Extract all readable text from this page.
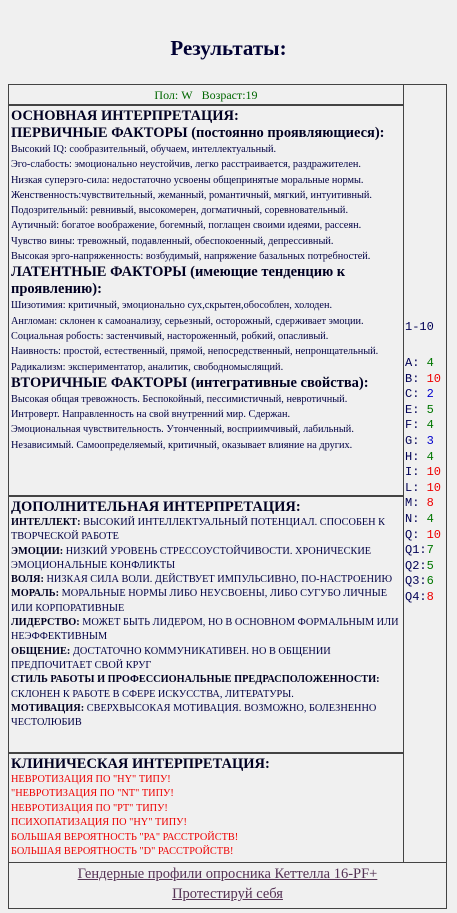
Результаты:
Пол: W Возраст:19
ОСНОВНАЯ ИНТЕРПРЕТАЦИЯ:
ПЕРВИЧНЫЕ ФАКТОРЫ (постоянно проявляющиеся):
Высокий IQ: сообразительный, обучаем, интеллектуальный.
Эго-слабость: эмоционально неустойчив, легко расстраивается, раздражителен.
Низкая суперэго-сила: недостаточно усвоены общепринятые моральные нормы.
Женственность:чувствительный, жеманный, романтичный, мягкий, интуитивный.
Подозрительный: ревнивый, высокомерен, догматичный, соревновательный.
Аутичный: богатое воображение, богемный, поглащен своими идеями, рассеян.
Чувство вины: тревожный, подавленный, обеспокоенный, депрессивный.
Высокая эрго-напряженность: возбудимый, напряжение базальных потребностей.
ЛАТЕНТНЫЕ ФАКТОРЫ (имеющие тенденцию к проявлению):
Шизотимия: критичный, эмоционально сух,скрытен,обособлен, холоден.
Англоман: склонен к самоанализу, серьезный, осторожный, сдерживает эмоции.
Социальная робость: застенчивый, настороженный, робкий, опасливый.
Наивность: простой, естественный, прямой, непосредственный, непронщательный.
Радикализм: экспериментатор, аналитик, свободномыслящий.
ВТОРИЧНЫЕ ФАКТОРЫ (интегративные свойства):
Высокая общая тревожность. Беспокойный, пессимистичный, невротичный.
Интроверт. Направленность на свой внутренний мир. Сдержан.
Эмоциональная чувствительность. Утонченный, восприимчивый, лабильный.
Независимый. Самоопределяемый, критичный, оказывает влияние на других.
ДОПОЛНИТЕЛЬНАЯ ИНТЕРПРЕТАЦИЯ:
ИНТЕЛЛЕКТ: ВЫСОКИЙ ИНТЕЛЛЕКТУАЛЬНЫЙ ПОТЕНЦИАЛ. СПОСОБЕН К ТВОРЧЕСКОЙ РАБОТЕ
ЭМОЦИИ: НИЗКИЙ УРОВЕНЬ СТРЕССОУСТОЙЧИВОСТИ. ХРОНИЧЕСКИЕ ЭМОЦИОНАЛЬНЫЕ КОНФЛИКТЫ
ВОЛЯ: НИЗКАЯ СИЛА ВОЛИ. ДЕЙСТВУЕТ ИМПУЛЬСИВНО, ПО-НАСТРОЕНИЮ
МОРАЛЬ: МОРАЛЬНЫЕ НОРМЫ ЛИБО НЕУСВОЕНЫ, ЛИБО СУГУБО ЛИЧНЫЕ ИЛИ КОРПОРАТИВНЫЕ
ЛИДЕРСТВО: МОЖЕТ БЫТЬ ЛИДЕРОМ, НО В ОСНОВНОМ ФОРМАЛЬНЫМ ИЛИ НЕЭФФЕКТИВНЫМ
ОБЩЕНИЕ: ДОСТАТОЧНО КОММУНИКАТИВЕН. НО В ОБЩЕНИИ ПРЕДПОЧИТАЕТ СВОЙ КРУГ
СТИЛЬ РАБОТЫ И ПРОФЕССИОНАЛЬНЫЕ ПРЕДРАСПОЛОЖЕННОСТИ: СКЛОНЕН К РАБОТЕ В СФЕРЕ ИСКУССТВА, ЛИТЕРАТУРЫ.
МОТИВАЦИЯ: СВЕРХВЫСОКАЯ МОТИВАЦИЯ. ВОЗМОЖНО, БОЛЕЗНЕННО ЧЕСТОЛЮБИВ
КЛИНИЧЕСКАЯ ИНТЕРПРЕТАЦИЯ:
НЕВРОТИЗАЦИЯ ПО "HY" ТИПУ!
"НЕВРОТИЗАЦИЯ ПО "NT" ТИПУ!
НЕВРОТИЗАЦИЯ ПО "PT" ТИПУ!
ПСИХОПАТИЗАЦИЯ ПО "HY" ТИПУ!
БОЛЬШАЯ ВЕРОЯТНОСТЬ "PA" РАССТРОЙСТВ!
БОЛЬШАЯ ВЕРОЯТНОСТЬ "D" РАССТРОЙСТВ!
1-10
A: 4
B: 10
C: 2
E: 5
F: 4
G: 3
H: 4
I: 10
L: 10
M: 8
N: 4
Q: 10
Q1:7
Q2:5
Q3:6
Q4:8
Гендерные профили опросника Кеттелла 16-PF+
Протестируй себя
